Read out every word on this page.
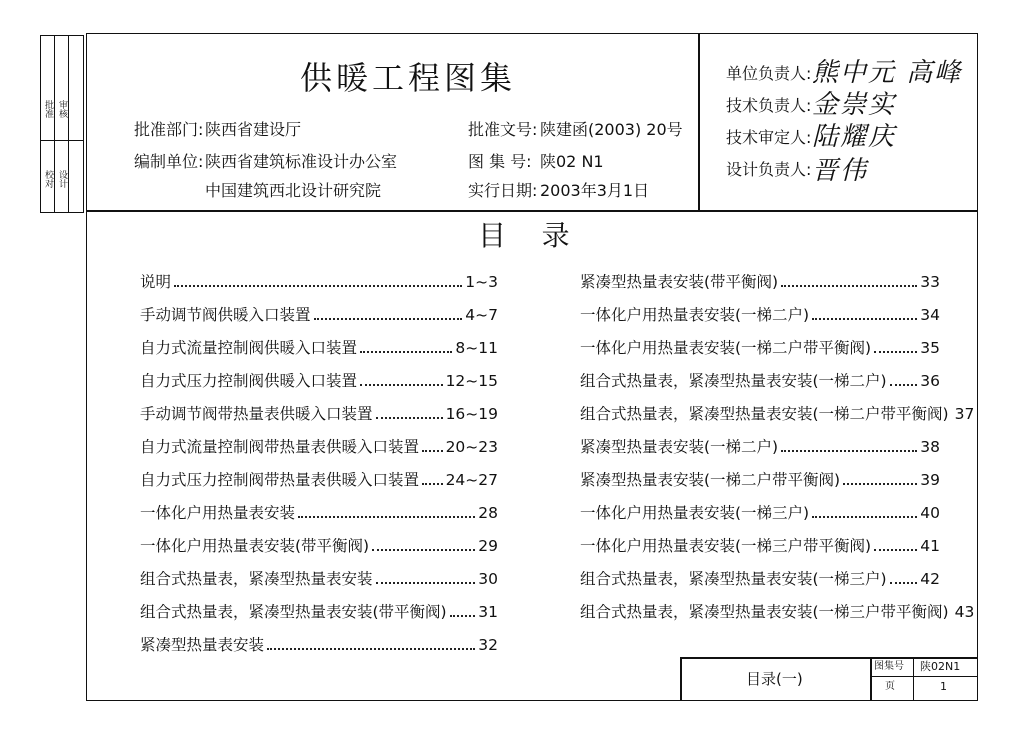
批准 审核
校对 设计
供暖工程图集
批准部门: 陕西省建设厅
编制单位: 陕西省建筑标准设计办公室
中国建筑西北设计研究院
批准文号: 陕建函(2003) 20号
图 集 号: 陕02 N1
实行日期: 2003年3月1日
单位负责人: 熊中元 高峰
技术负责人: 金崇实
技术审定人: 陆耀庆
设计负责人: 晋伟
目    录
说明	1~3
手动调节阀供暖入口装置	4~7
自力式流量控制阀供暖入口装置	8~11
自力式压力控制阀供暖入口装置	12~15
手动调节阀带热量表供暖入口装置	16~19
自力式流量控制阀带热量表供暖入口装置 20~23
自力式压力控制阀带热量表供暖入口装置 24~27
一体化户用热量表安装	28
一体化户用热量表安装(带平衡阀)	29
组合式热量表，紧凑型热量表安装	30
组合式热量表，紧凑型热量表安装(带平衡阀) 31
紧凑型热量表安装	32
紧凑型热量表安装(带平衡阀)	33
一体化户用热量表安装(一梯二户)	34
一体化户用热量表安装(一梯二户带平衡阀)	35
组合式热量表，紧凑型热量表安装(一梯二户) 36
组合式热量表，紧凑型热量表安装(一梯二户带平衡阀) 37
紧凑型热量表安装(一梯二户)	38
紧凑型热量表安装(一梯二户带平衡阀)	39
一体化户用热量表安装(一梯三户)	40
一体化户用热量表安装(一梯三户带平衡阀)	41
组合式热量表，紧凑型热量表安装(一梯三户) 42
组合式热量表，紧凑型热量表安装(一梯三户带平衡阀) 43
目录(一)
图集号 陕02N1
页	1
